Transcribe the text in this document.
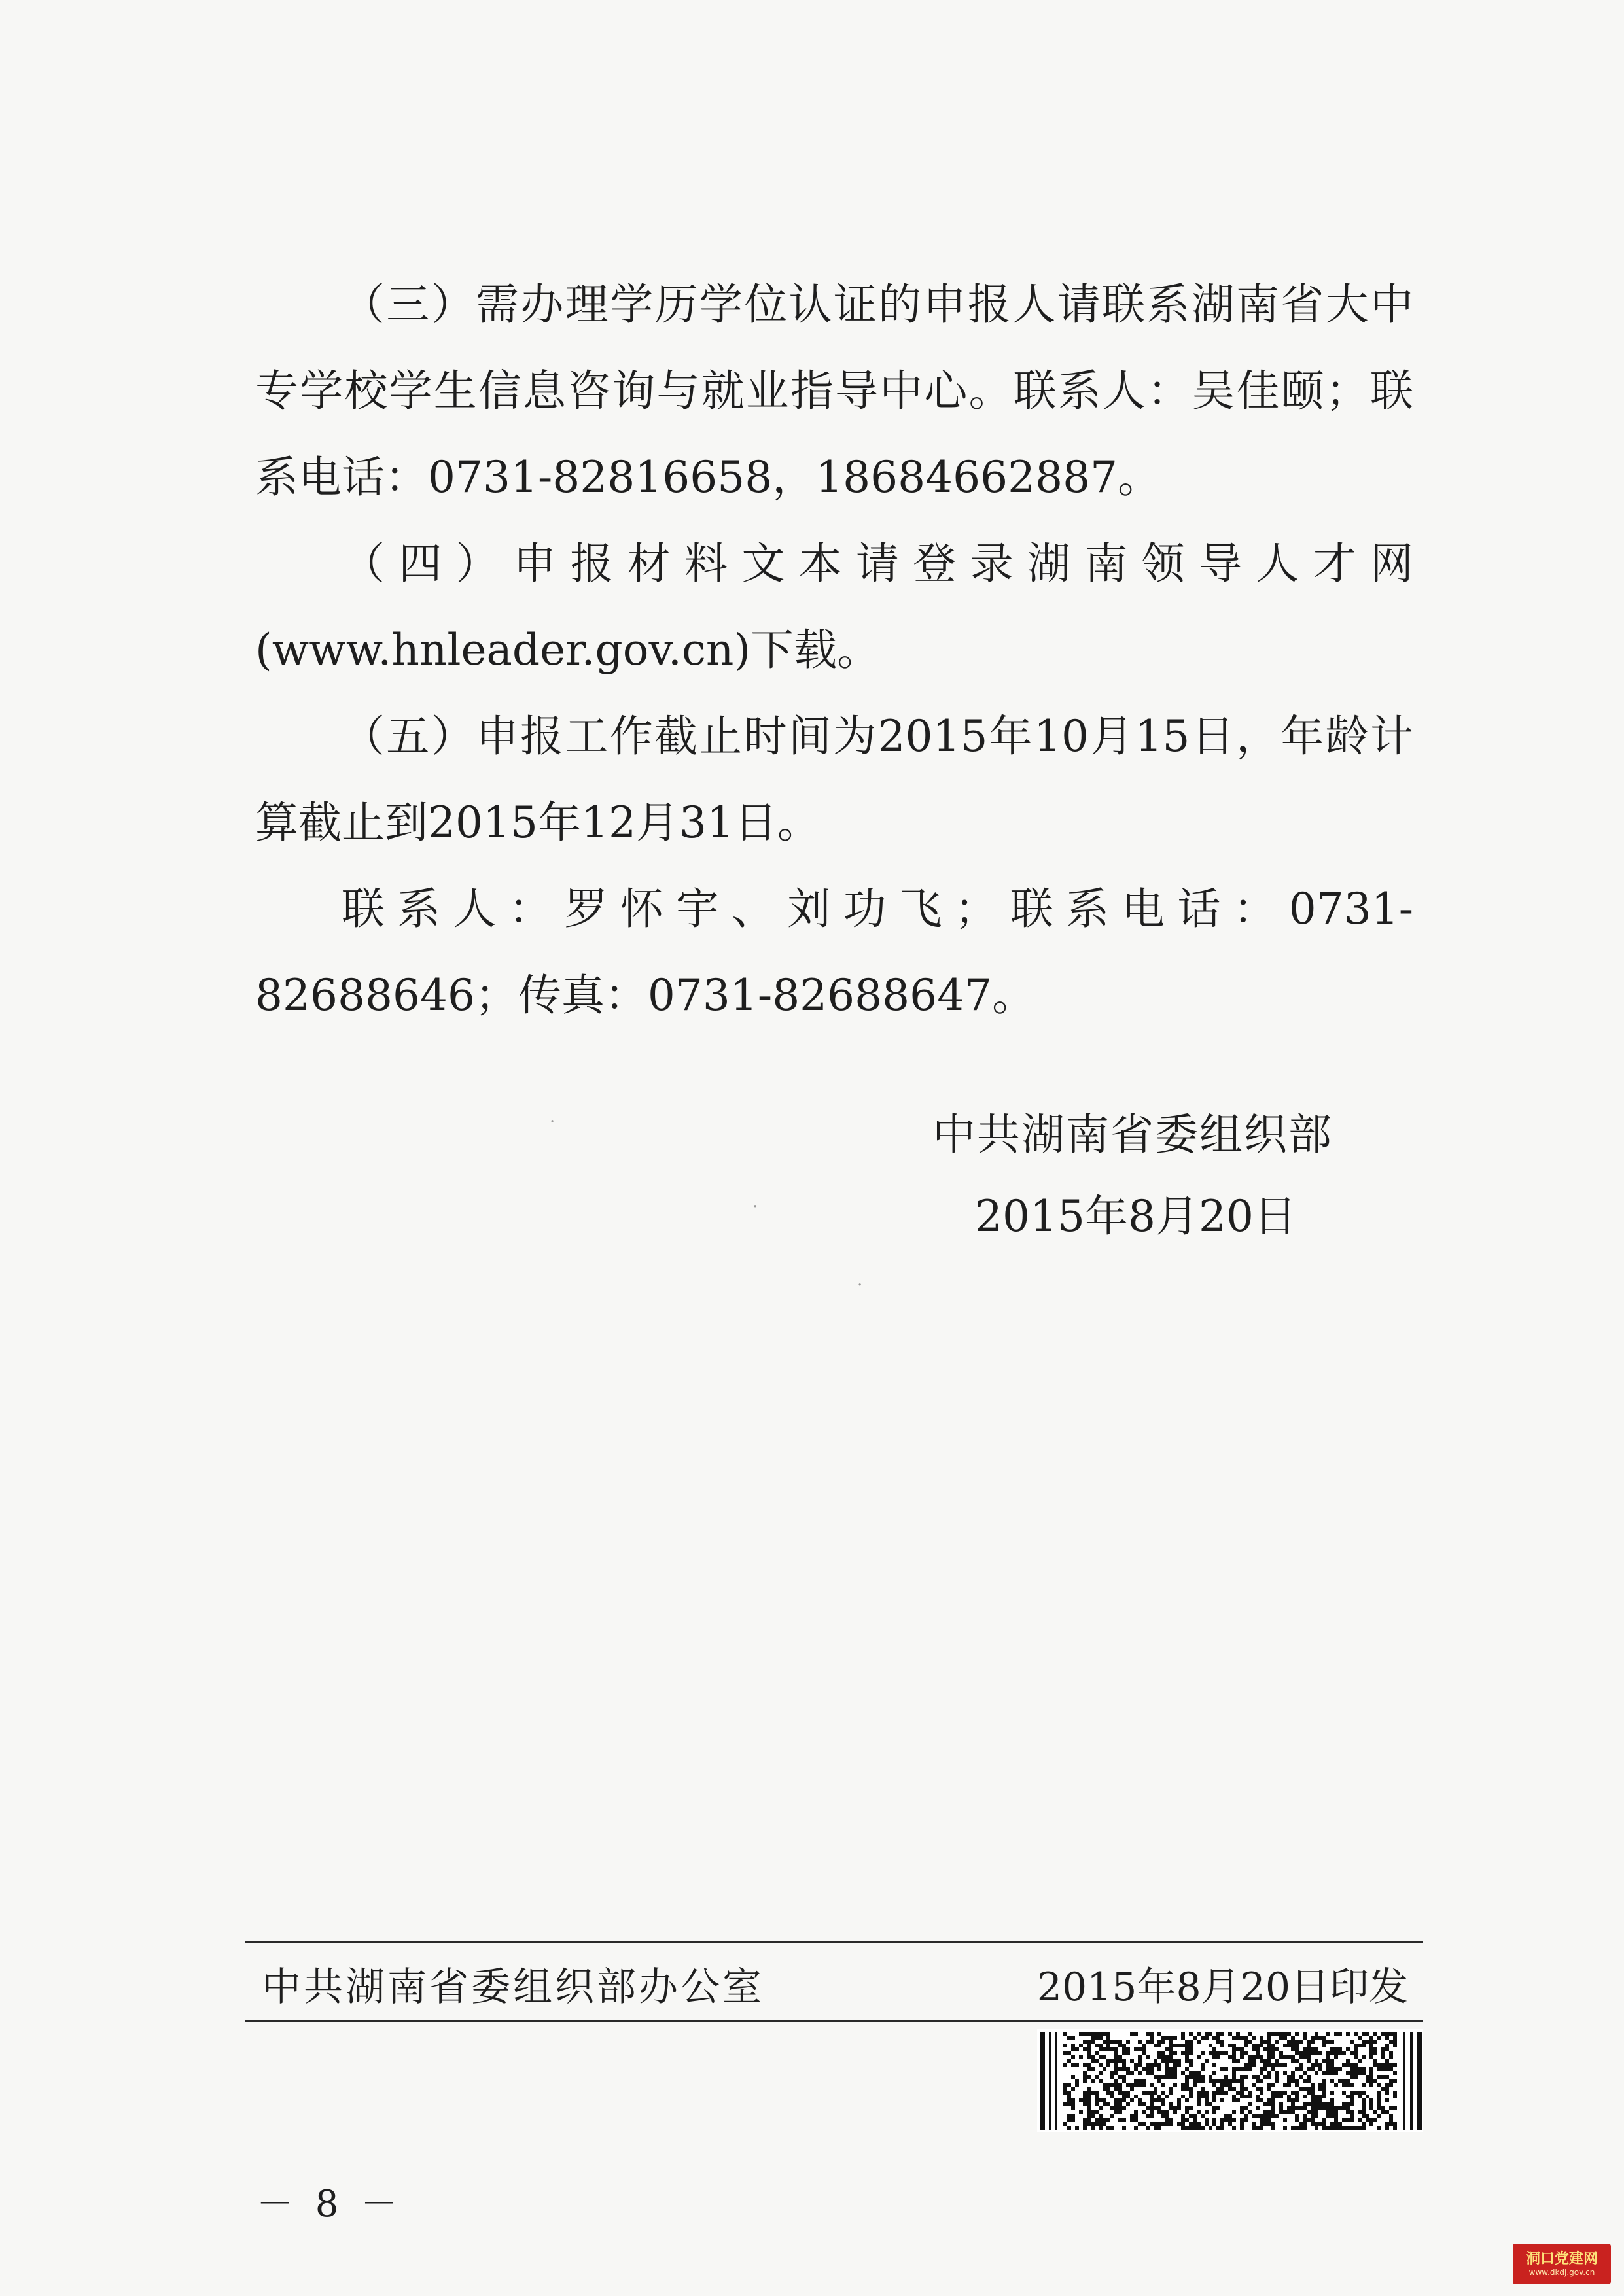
（三）需办理学历学位认证的申报人请联系湖南省大中专学校学生信息咨询与就业指导中心。联系人：吴佳颐；联系电话：0731-82816658，18684662887。

（四）申报材料文本请登录湖南领导人才网

(www.hnleader.gov.cn)下载。

（五）申报工作截止时间为2015年10月15日，年龄计算截止到2015年12月31日。

联系人：罗怀宇、刘功飞；联系电话：0731-82688646；传真：0731-82688647。

·
·
·
中共湖南省委组织部
2015年8月20日
中共湖南省委组织部办公室	2015年8月20日印发
－ 8 －
洞口党建网
www.dkdj.gov.cn
